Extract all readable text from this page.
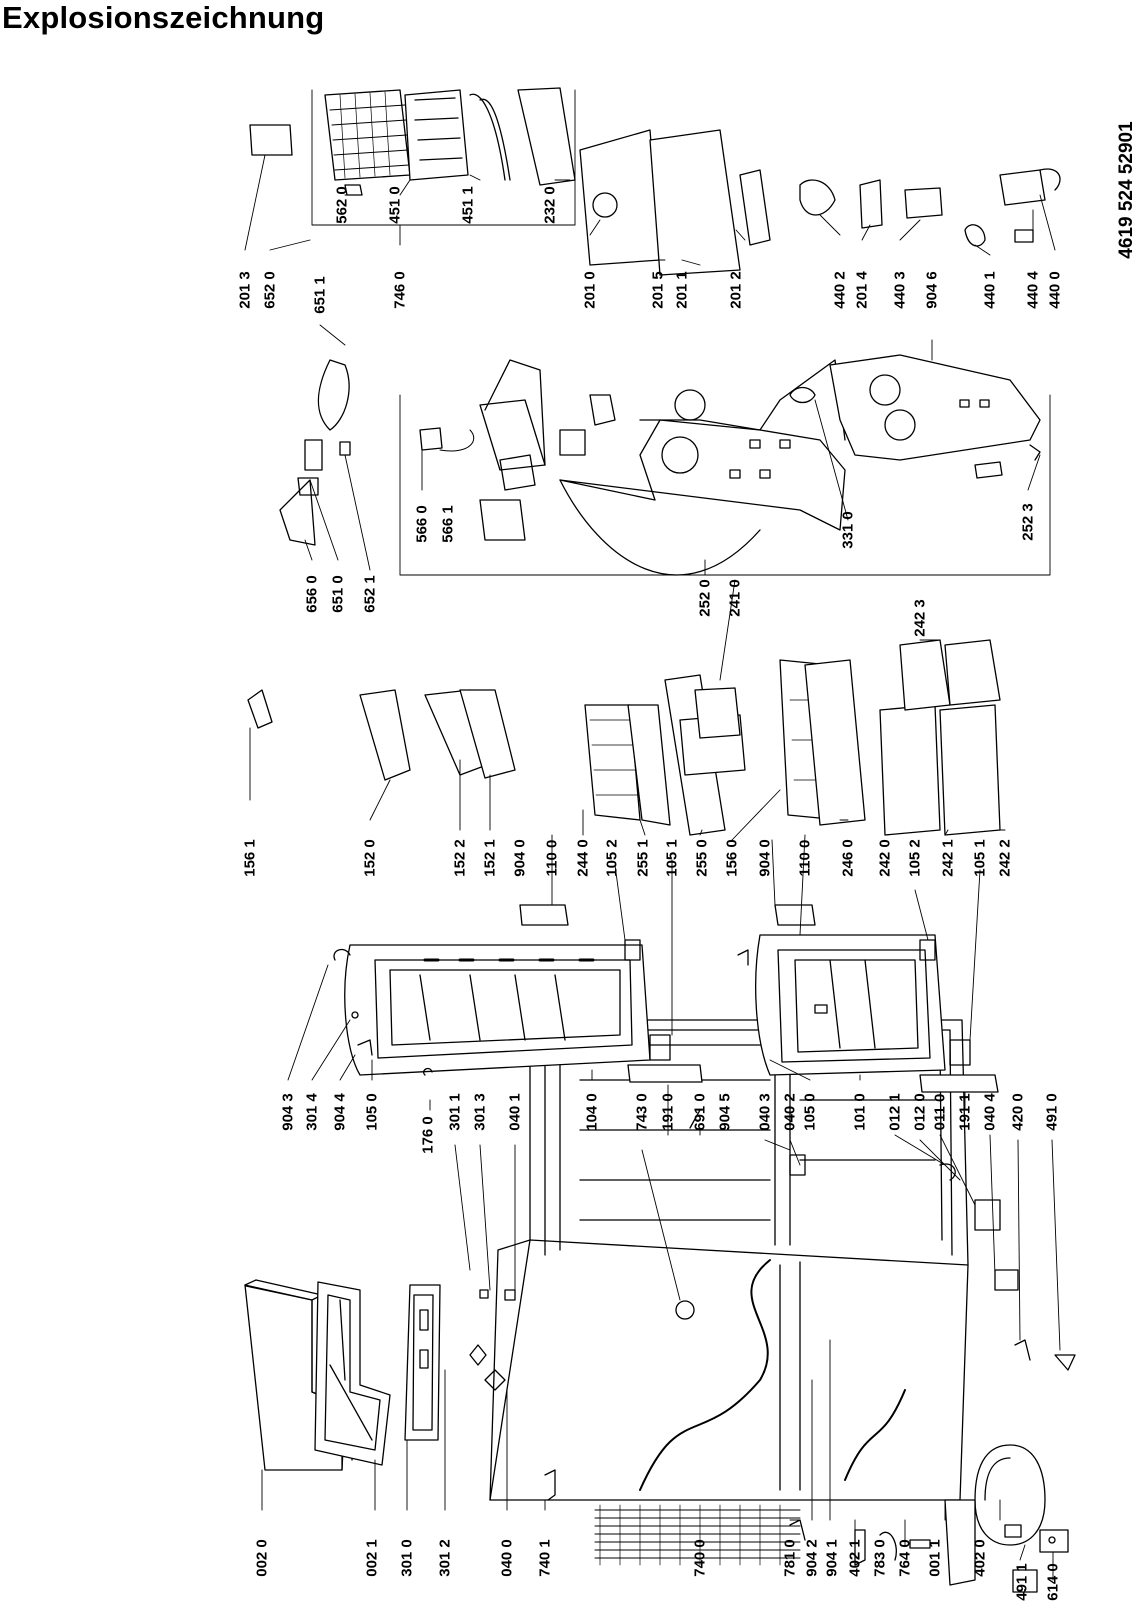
Explosionszeichnung
002 0	002 1 301 0 301 2	040 0 740 1	740 0	781 0 904 2 904 1 402 1 783 0 764 0 001 1 402 0
491 1 614 0
904 3 301 4 904 4 105 0
176 0
301 1 301 3 040 1	104 0 743 0 191 0 691 0 904 5 040 3 040 2 105 0 101 0 012 1 012 0 011 0 191 1 040 4 420 0 491 0
156 1	152 0	152 2 152 1 904 0 110 0 244 0 105 2 255 1 105 1 255 0 156 0 904 0 110 0 246 0 242 0 105 2 242 1 105 1 242 2
242 3
656 0 651 0 652 1	252 0 241 0
566 0 566 1	331 0	252 3
201 3 652 0 651 1	746 0
562 0 451 0	451 1	232 0
201 0	201 5 201 1 201 2	440 2 201 4 440 3 904 6	440 1 440 4 440 0
4619 524 52901
